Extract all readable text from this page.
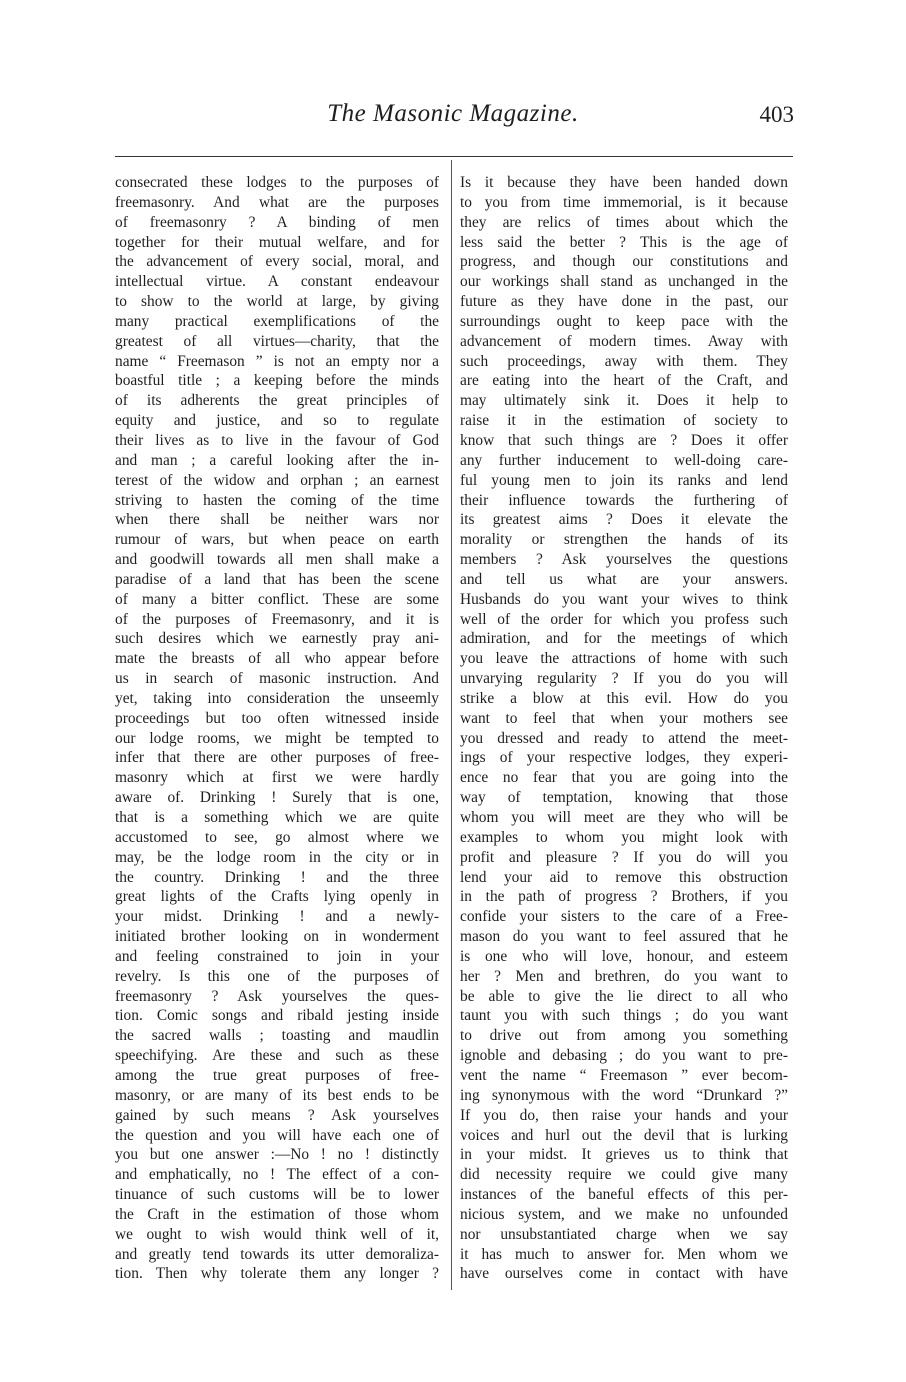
The Masonic Magazine.	403
consecrated these lodges to the purposes of
freemasonry. And what are the purposes
of freemasonry ? A binding of men
together for their mutual welfare, and for
the advancement of every social, moral, and
intellectual virtue. A constant endeavour
to show to the world at large, by giving
many practical exemplifications of the
greatest of all virtues—charity, that the
name “ Freemason ” is not an empty nor a
boastful title ; a keeping before the minds
of its adherents the great principles of
equity and justice, and so to regulate
their lives as to live in the favour of God
and man ; a careful looking after the in-
terest of the widow and orphan ; an earnest
striving to hasten the coming of the time
when there shall be neither wars nor
rumour of wars, but when peace on earth
and goodwill towards all men shall make a
paradise of a land that has been the scene
of many a bitter conflict. These are some
of the purposes of Freemasonry, and it is
such desires which we earnestly pray ani-
mate the breasts of all who appear before
us in search of masonic instruction. And
yet, taking into consideration the unseemly
proceedings but too often witnessed inside
our lodge rooms, we might be tempted to
infer that there are other purposes of free-
masonry which at first we were hardly
aware of. Drinking ! Surely that is one,
that is a something which we are quite
accustomed to see, go almost where we
may, be the lodge room in the city or in
the country. Drinking ! and the three
great lights of the Crafts lying openly in
your midst. Drinking ! and a newly-
initiated brother looking on in wonderment
and feeling constrained to join in your
revelry. Is this one of the purposes of
freemasonry ? Ask yourselves the ques-
tion. Comic songs and ribald jesting inside
the sacred walls ; toasting and maudlin
speechifying. Are these and such as these
among the true great purposes of free-
masonry, or are many of its best ends to be
gained by such means ? Ask yourselves
the question and you will have each one of
you but one answer :—No ! no ! distinctly
and emphatically, no ! The effect of a con-
tinuance of such customs will be to lower
the Craft in the estimation of those whom
we ought to wish would think well of it,
and greatly tend towards its utter demoraliza-
tion. Then why tolerate them any longer ?
Is it because they have been handed down
to you from time immemorial, is it because
they are relics of times about which the
less said the better ? This is the age of
progress, and though our constitutions and
our workings shall stand as unchanged in the
future as they have done in the past, our
surroundings ought to keep pace with the
advancement of modern times. Away with
such proceedings, away with them. They
are eating into the heart of the Craft, and
may ultimately sink it. Does it help to
raise it in the estimation of society to
know that such things are ? Does it offer
any further inducement to well-doing care-
ful young men to join its ranks and lend
their influence towards the furthering of
its greatest aims ? Does it elevate the
morality or strengthen the hands of its
members ? Ask yourselves the questions
and tell us what are your answers.
Husbands do you want your wives to think
well of the order for which you profess such
admiration, and for the meetings of which
you leave the attractions of home with such
unvarying regularity ? If you do you will
strike a blow at this evil. How do you
want to feel that when your mothers see
you dressed and ready to attend the meet-
ings of your respective lodges, they experi-
ence no fear that you are going into the
way of temptation, knowing that those
whom you will meet are they who will be
examples to whom you might look with
profit and pleasure ? If you do will you
lend your aid to remove this obstruction
in the path of progress ? Brothers, if you
confide your sisters to the care of a Free-
mason do you want to feel assured that he
is one who will love, honour, and esteem
her ? Men and brethren, do you want to
be able to give the lie direct to all who
taunt you with such things ; do you want
to drive out from among you something
ignoble and debasing ; do you want to pre-
vent the name “ Freemason ” ever becom-
ing synonymous with the word “Drunkard ?”
If you do, then raise your hands and your
voices and hurl out the devil that is lurking
in your midst. It grieves us to think that
did necessity require we could give many
instances of the baneful effects of this per-
nicious system, and we make no unfounded
nor unsubstantiated charge when we say
it has much to answer for. Men whom we
have ourselves come in contact with have
